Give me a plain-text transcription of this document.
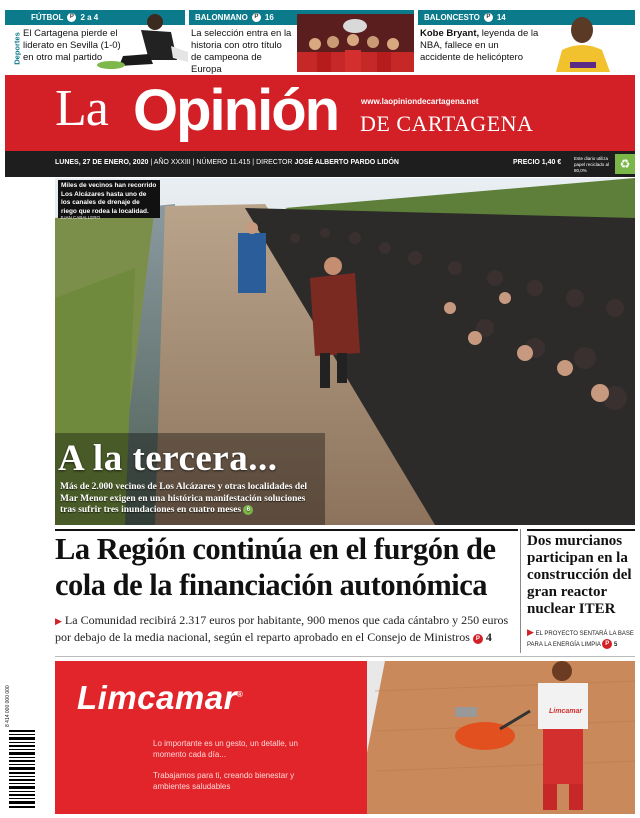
Deportes
FÚTBOL	P 2 a 4
El Cartagena pierde el liderato en Sevilla (1-0) en otro mal partido
BALONMANO	P 16
La selección entra en la historia con otro título de campeona de Europa
BALONCESTO	P 14
Kobe Bryant, leyenda de la NBA, fallece en un accidente de helicóptero
La Opinión	www.laopiniondecartagena.net
DE CARTAGENA
LUNES, 27 DE ENERO, 2020 | AÑO XXXIII | NÚMERO 11.415 | DIRECTOR JOSÉ ALBERTO PARDO LIDÓN	PRECIO 1,40 €
Este diario utiliza papel reciclado al 80,0%	♻
Miles de vecinos han recorrido Los Alcázares hasta uno de los canales de drenaje de riego que rodea la localidad.
JUAN CABALLERO
A la tercera...
Más de 2.000 vecinos de Los Alcázares y otras localidades del Mar Menor exigen en una histórica manifestación soluciones tras sufrir tres inundaciones en cuatro meses 6
La Región continúa en el furgón de cola de la financiación autonómica
▶ La Comunidad recibirá 2.317 euros por habitante, 900 menos que cada cántabro y 250 euros por debajo de la media nacional, según el reparto aprobado en el Consejo de Ministros P 4
Dos murcianos participan en la construcción del gran reactor nuclear ITER
▶ EL PROYECTO SENTARÁ LA BASE PARA LA ENERGÍA LIMPIA P 5
Limcamar®
Lo importante es un gesto, un detalle, un momento cada día...
Trabajamos para ti, creando bienestar y ambientes saludables
Limcamar
8 414 000 000 000
